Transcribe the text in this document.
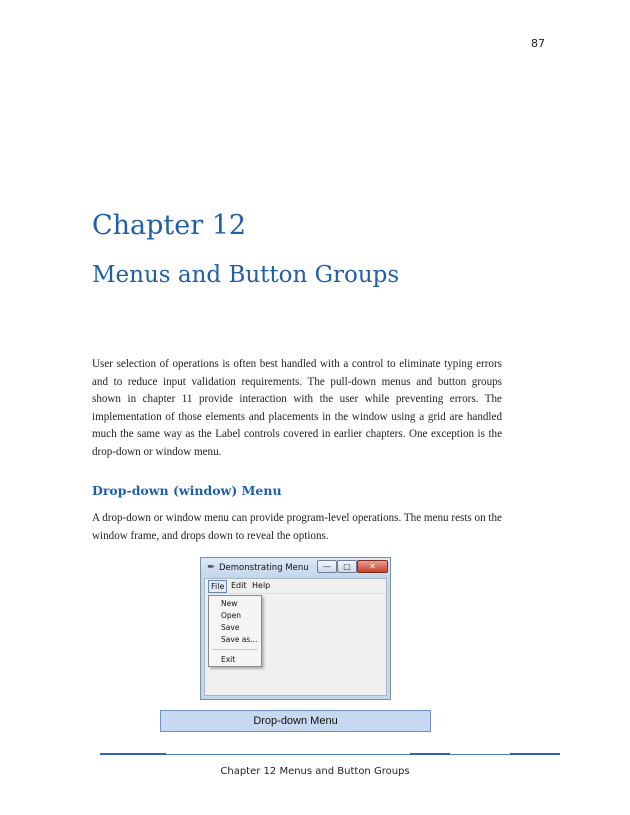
87
Chapter 12
Menus and Button Groups

User selection of operations is often best handled with a control to eliminate typing errors and to reduce input validation requirements. The pull-down menus and button groups shown in chapter 11 provide interaction with the user while preventing errors. The implementation of those elements and placements in the window using a grid are handled much the same way as the Label controls covered in earlier chapters. One exception is the drop-down or window menu.

Drop-down (window) Menu

A drop-down or window menu can provide program-level operations. The menu rests on the window frame, and drops down to reveal the options.

✒ Demonstrating Menu	—	□	✕
File Edit Help
New
Open
Save
Save as...
Exit
Drop-down Menu
Chapter 12 Menus and Button Groups
